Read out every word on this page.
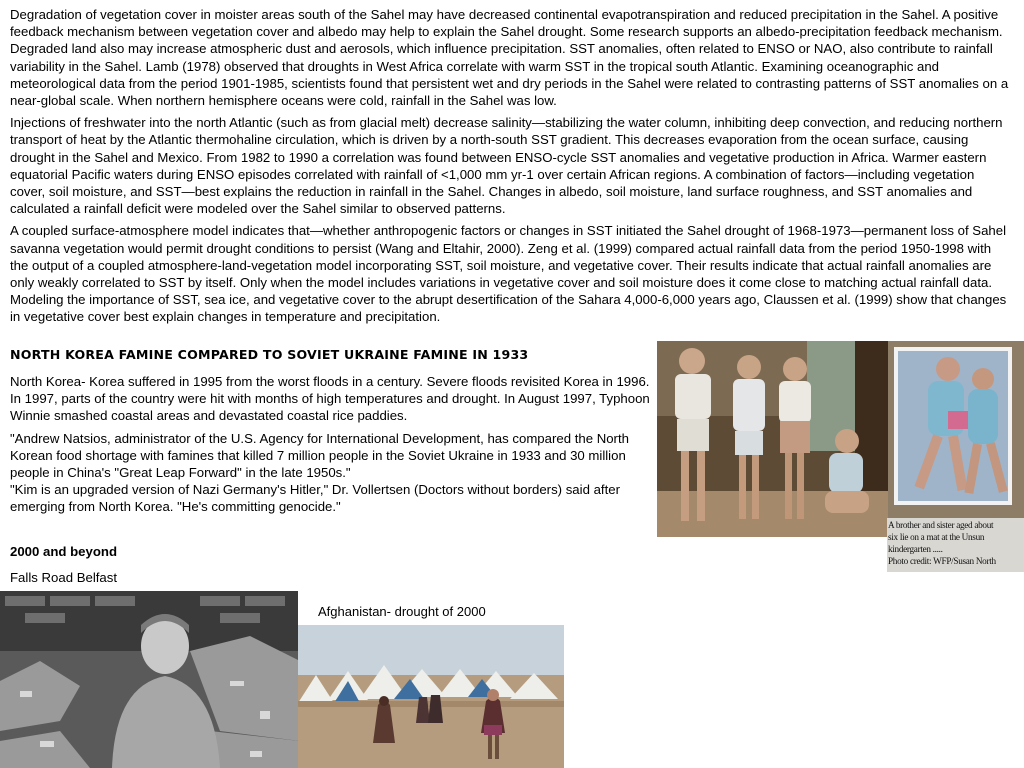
Degradation of vegetation cover in moister areas south of the Sahel may have decreased continental evapotranspiration and reduced precipitation in the Sahel. A positive feedback mechanism between vegetation cover and albedo may help to explain the Sahel drought. Some research supports an albedo-precipitation feedback mechanism. Degraded land also may increase atmospheric dust and aerosols, which influence precipitation. SST anomalies, often related to ENSO or NAO, also contribute to rainfall variability in the Sahel. Lamb (1978) observed that droughts in West Africa correlate with warm SST in the tropical south Atlantic. Examining oceanographic and meteorological data from the period 1901-1985, scientists found that persistent wet and dry periods in the Sahel were related to contrasting patterns of SST anomalies on a near-global scale. When northern hemisphere oceans were cold, rainfall in the Sahel was low.

Injections of freshwater into the north Atlantic (such as from glacial melt) decrease salinity—stabilizing the water column, inhibiting deep convection, and reducing northern transport of heat by the Atlantic thermohaline circulation, which is driven by a north-south SST gradient. This decreases evaporation from the ocean surface, causing drought in the Sahel and Mexico. From 1982 to 1990 a correlation was found between ENSO-cycle SST anomalies and vegetative production in Africa. Warmer eastern equatorial Pacific waters during ENSO episodes correlated with rainfall of <1,000 mm yr-1 over certain African regions. A combination of factors—including vegetation cover, soil moisture, and SST—best explains the reduction in rainfall in the Sahel. Changes in albedo, soil moisture, land surface roughness, and SST anomalies and calculated a rainfall deficit were modeled over the Sahel similar to observed patterns.

A coupled surface-atmosphere model indicates that—whether anthropogenic factors or changes in SST initiated the Sahel drought of 1968-1973—permanent loss of Sahel savanna vegetation would permit drought conditions to persist (Wang and Eltahir, 2000). Zeng et al. (1999) compared actual rainfall data from the period 1950-1998 with the output of a coupled atmosphere-land-vegetation model incorporating SST, soil moisture, and vegetative cover. Their results indicate that actual rainfall anomalies are only weakly correlated to SST by itself. Only when the model includes variations in vegetative cover and soil moisture does it come close to matching actual rainfall data. Modeling the importance of SST, sea ice, and vegetative cover to the abrupt desertification of the Sahara 4,000-6,000 years ago, Claussen et al. (1999) show that changes in vegetative cover best explain changes in temperature and precipitation.

NORTH KOREA FAMINE COMPARED TO SOVIET UKRAINE FAMINE IN 1933

North Korea- Korea suffered in 1995 from the worst floods in a century. Severe floods revisited Korea in 1996. In 1997, parts of the country were hit with months of high temperatures and drought. In August 1997, Typhoon Winnie smashed coastal areas and devastated coastal rice paddies.

"Andrew Natsios, administrator of the U.S. Agency for International Development, has compared the North Korean food shortage with famines that killed 7 million people in the Soviet Ukraine in 1933 and 30 million people in China's "Great Leap Forward" in the late 1950s."

"Kim is an upgraded version of Nazi Germany's Hitler," Dr. Vollertsen (Doctors without borders) said after emerging from North Korea. "He's committing genocide."

2000 and beyond
Falls Road Belfast
A brother and sister aged about
six lie on a mat at the Unsun
kindergarten .....
Photo credit: WFP/Susan North
Afghanistan- drought of 2000
